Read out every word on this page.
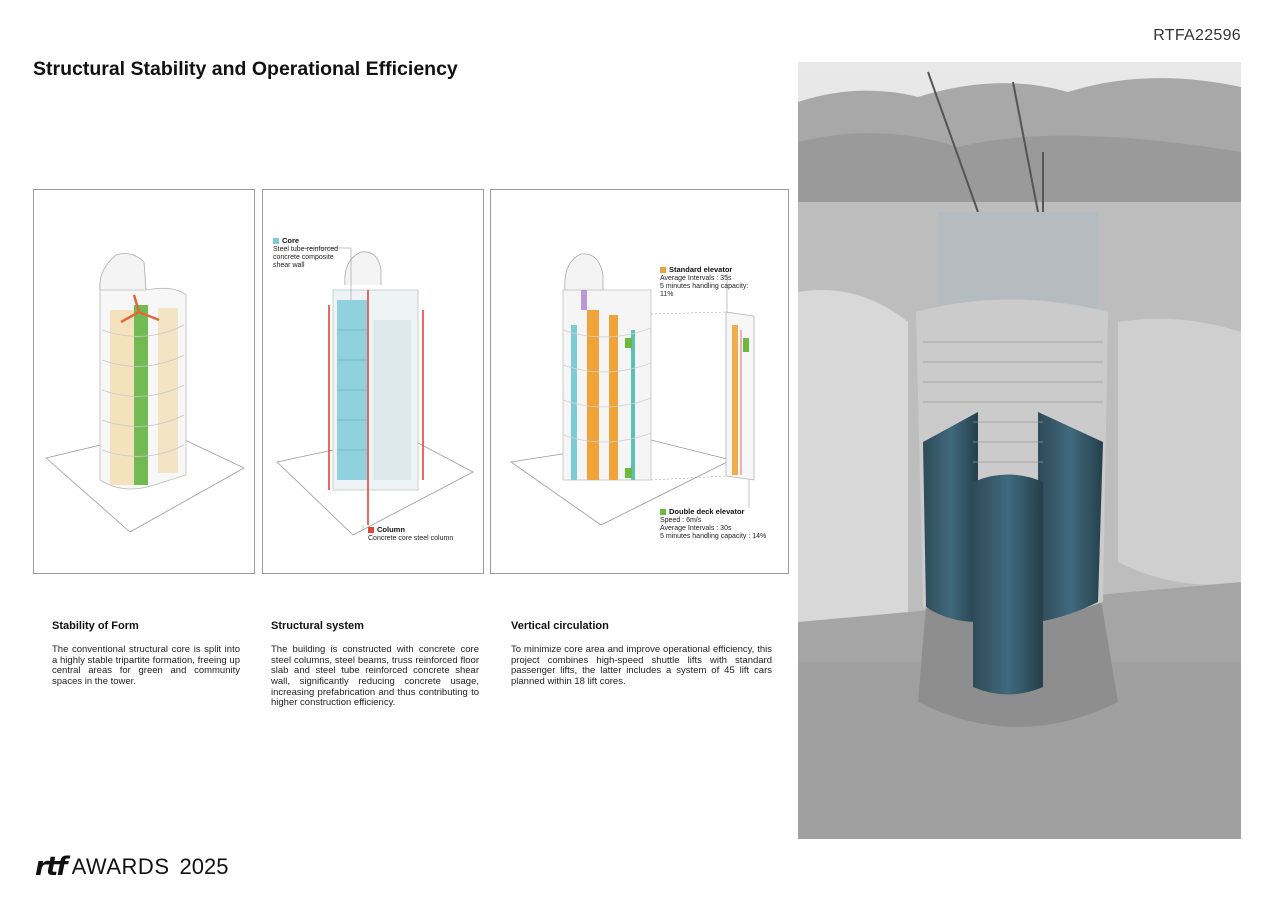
RTFA22596
Structural Stability and Operational Efficiency
Core
Steel tube-reinforced concrete composite shear wall
Column
Concrete core steel column
Standard elevator
Average Intervals : 35s
5 minutes handling capacity: 11%
Double deck elevator
Speed : 6m/s
Average Intervals : 30s
5 minutes handling capacity : 14%
Stability of Form

The conventional structural core is split into a highly stable tripartite formation, freeing up central areas for green and community spaces in the tower.

Structural system

The building is constructed with concrete core steel columns, steel beams, truss reinforced floor slab and steel tube reinforced concrete shear wall, significantly reducing concrete usage, increasing prefabrication and thus contributing to higher construction efficiency.

Vertical circulation

To minimize core area and improve operational efficiency, this project combines high-speed shuttle lifts with standard passenger lifts, the latter includes a system of 45 lift cars planned within 18 lift cores.

rtf AWARDS 2025
